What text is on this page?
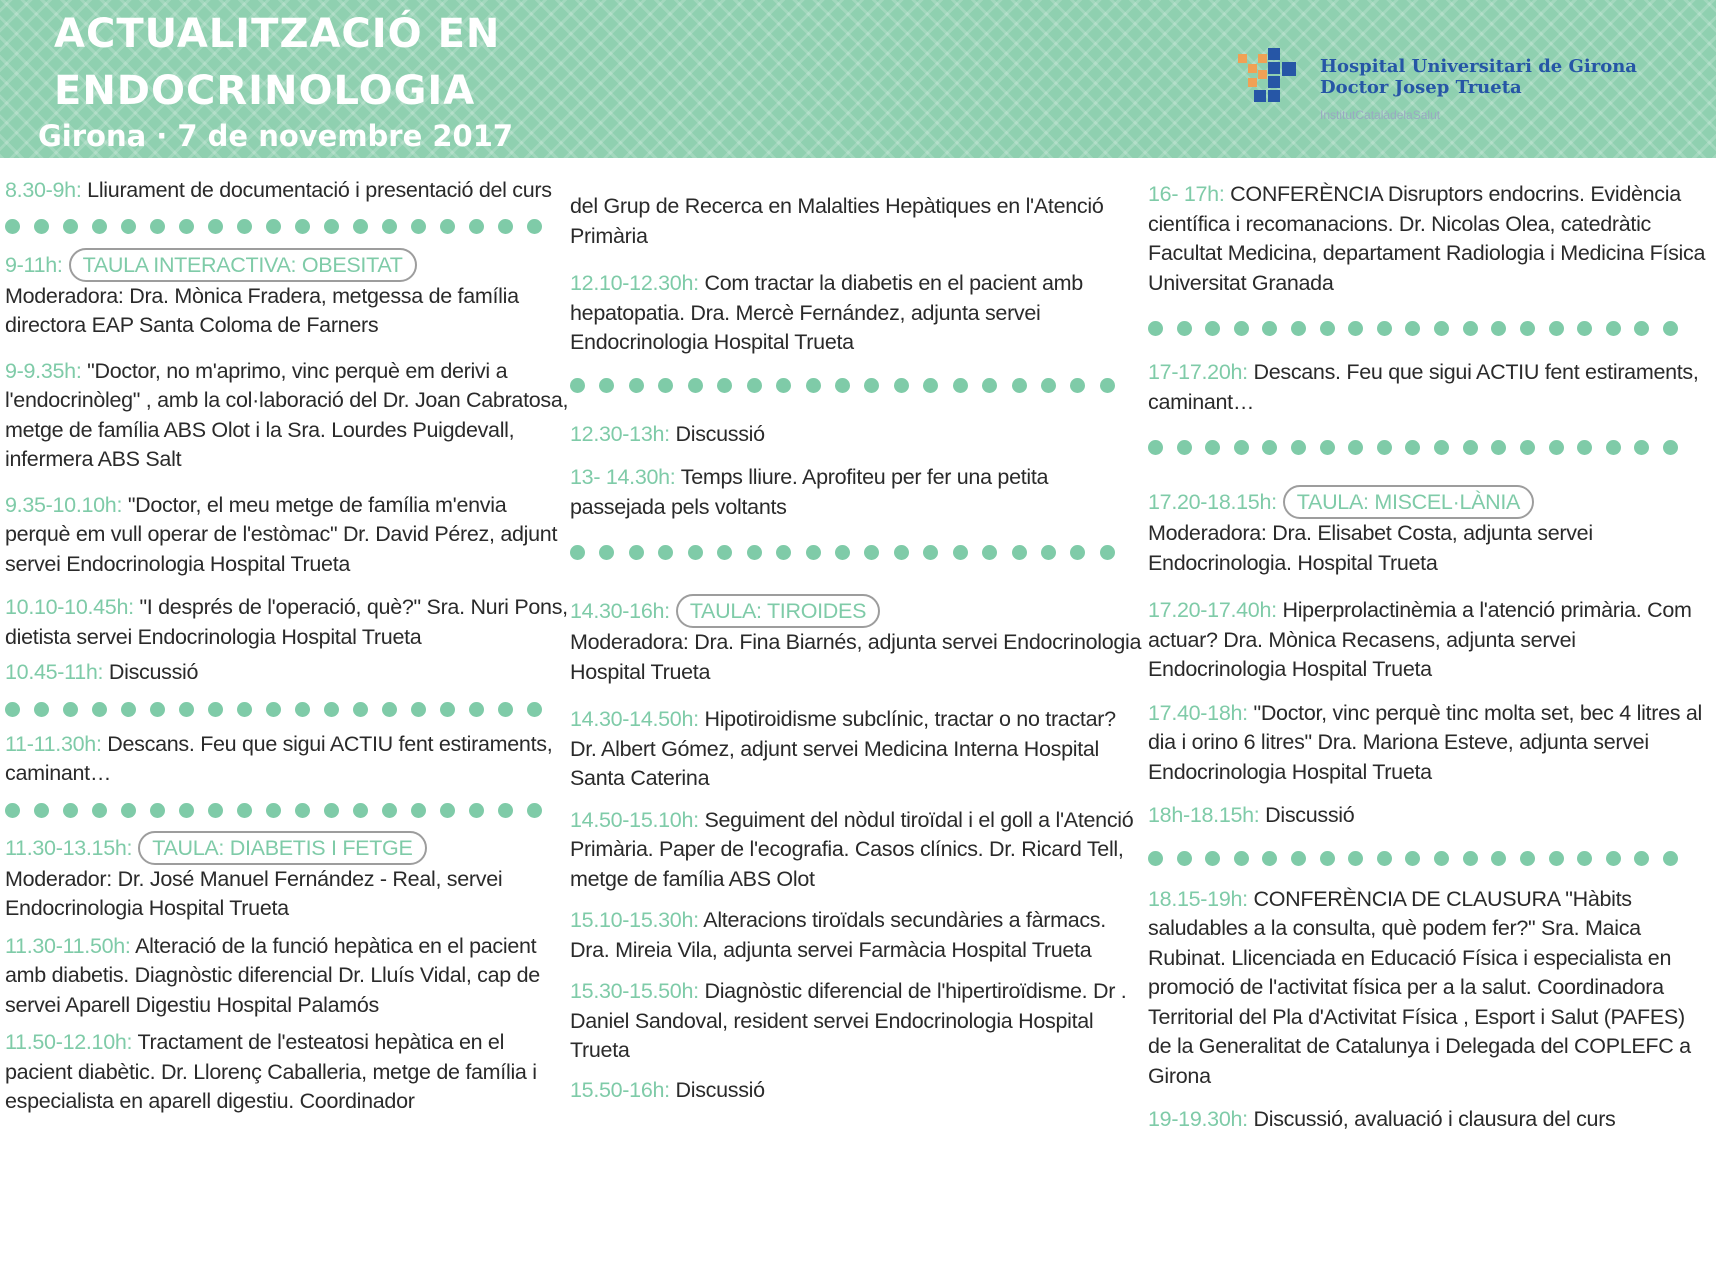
ACTUALITZACIÓ EN
ENDOCRINOLOGIA
Girona · 7 de novembre 2017
Hospital Universitari de Girona
Doctor Josep Trueta
InstitutCatalàdelaSalut
8.30-9h: Lliurament de documentació i presentació del curs
9-11h: TAULA INTERACTIVA: OBESITAT
Moderadora: Dra. Mònica Fradera, metgessa de família directora EAP Santa Coloma de Farners
9-9.35h: "Doctor, no m'aprimo, vinc perquè em derivi a l'endocrinòleg" , amb la col·laboració del Dr. Joan Cabratosa, metge de família ABS Olot i la Sra. Lourdes Puigdevall, infermera ABS Salt
9.35-10.10h: "Doctor, el meu metge de família m'envia perquè em vull operar de l'estòmac" Dr. David Pérez, adjunt servei Endocrinologia Hospital Trueta
10.10-10.45h: "I després de l'operació, què?" Sra. Nuri Pons, dietista servei Endocrinologia Hospital Trueta
10.45-11h: Discussió
11-11.30h: Descans. Feu que sigui ACTIU fent estiraments, caminant…
11.30-13.15h: TAULA: DIABETIS I FETGE
Moderador: Dr. José Manuel Fernández - Real, servei Endocrinologia Hospital Trueta
11.30-11.50h: Alteració de la funció hepàtica en el pacient amb diabetis. Diagnòstic diferencial Dr. Lluís Vidal, cap de servei Aparell Digestiu Hospital Palamós
11.50-12.10h: Tractament de l'esteatosi hepàtica en el pacient diabètic. Dr. Llorenç Caballeria, metge de família i especialista en aparell digestiu. Coordinador
del Grup de Recerca en Malalties Hepàtiques en l'Atenció Primària
12.10-12.30h: Com tractar la diabetis en el pacient amb hepatopatia. Dra. Mercè Fernández, adjunta servei Endocrinologia Hospital Trueta
12.30-13h: Discussió
13- 14.30h: Temps lliure. Aprofiteu per fer una petita passejada pels voltants
14.30-16h: TAULA: TIROIDES
Moderadora: Dra. Fina Biarnés, adjunta servei Endocrinologia Hospital Trueta
14.30-14.50h: Hipotiroidisme subclínic, tractar o no tractar? Dr. Albert Gómez, adjunt servei Medicina Interna Hospital Santa Caterina
14.50-15.10h: Seguiment del nòdul tiroïdal i el goll a l'Atenció Primària. Paper de l'ecografia. Casos clínics. Dr. Ricard Tell, metge de família ABS Olot
15.10-15.30h: Alteracions tiroïdals secundàries a fàrmacs. Dra. Mireia Vila, adjunta servei Farmàcia Hospital Trueta
15.30-15.50h: Diagnòstic diferencial de l'hipertiroïdisme. Dr . Daniel Sandoval, resident servei Endocrinologia Hospital Trueta
15.50-16h: Discussió
16- 17h: CONFERÈNCIA Disruptors endocrins. Evidència científica i recomanacions. Dr. Nicolas Olea, catedràtic Facultat Medicina, departament Radiologia i Medicina Física Universitat Granada
17-17.20h: Descans. Feu que sigui ACTIU fent estiraments, caminant…
17.20-18.15h: TAULA: MISCEL·LÀNIA
Moderadora: Dra. Elisabet Costa, adjunta servei Endocrinologia. Hospital Trueta
17.20-17.40h: Hiperprolactinèmia a l'atenció primària. Com actuar? Dra. Mònica Recasens, adjunta servei Endocrinologia Hospital Trueta
17.40-18h: "Doctor, vinc perquè tinc molta set, bec 4 litres al dia i orino 6 litres" Dra. Mariona Esteve, adjunta servei Endocrinologia Hospital Trueta
18h-18.15h: Discussió
18.15-19h: CONFERÈNCIA DE CLAUSURA "Hàbits saludables a la consulta, què podem fer?" Sra. Maica Rubinat. Llicenciada en Educació Física i especialista en promoció de l'activitat física per a la salut. Coordinadora Territorial del Pla d'Activitat Física , Esport i Salut (PAFES) de la Generalitat de Catalunya i Delegada del COPLEFC a Girona
19-19.30h: Discussió, avaluació i clausura del curs
